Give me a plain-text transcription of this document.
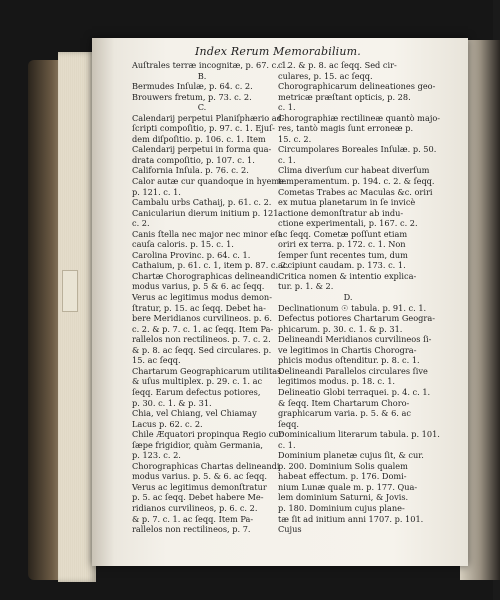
Index Rerum Memorabilium.
Auſtrales terræ incognitæ, p. 67. c. 1.
B.
Bermudes Inſulæ, p. 64. c. 2.
Brouwers fretum, p. 73. c. 2.
C.
Calendarij perpetui Planiſphærio ad-
ſcripti compoſitio, p. 97. c. 1. Ejuſ-
dem diſpoſitio. p. 106. c. 1. Item
Calendarij perpetui in forma qua-
drata compoſitio, p. 107. c. 1.
California Inſula. p. 76. c. 2.
Calor autæ cur quandoque in hyeme.
p. 121. c. 1.
Cambalu urbs Cathaij, p. 61. c. 2.
Caniculariun dierum initium p. 121.
c. 2.
Canis ſtella nec major nec minor eſt
cauſa caloris. p. 15. c. 1.
Carolina Provinc. p. 64. c. 1.
Cathaium, p. 61. c. 1, item p. 87. c. 2.
Chartæ Chorographicas delineandi
modus varius, p. 5 & 6. ac ſeqq.
Verus ac legitimus modus demon-
ſtratur, p. 15. ac ſeqq. Debet ha-
bere Meridianos curvilineos. p. 6.
c. 2. & p. 7. c. 1. ac ſeqq. Item Pa-
rallelos non rectilineos. p. 7. c. 2.
& p. 8. ac ſeqq. Sed circulares. p.
15. ac ſeqq.
Chartarum Geographicarum utilitas
& uſus multiplex. p. 29. c. 1. ac
ſeqq. Earum defectus potiores,
p. 30. c. 1. & p. 31.
Chia, vel Chiang, vel Chiamay
Lacus p. 62. c. 2.
Chile Æquatori propinqua Regio cur
ſæpe frigidior, quàm Germania,
p. 123. c. 2.
Chorographicas Chartas delineandi
modus varius. p. 5. & 6. ac ſeqq.
Verus ac legitimus demonſtratur
p. 5. ac ſeqq. Debet habere Me-
ridianos curvilineos, p. 6. c. 2.
& p. 7. c. 1. ac ſeqq. Item Pa-
rallelos non rectilineos, p. 7.
c. 2. & p. 8. ac ſeqq. Sed cir-
culares, p. 15. ac ſeqq.
Chorographicarum delineationes geo-
metricæ præſtant opticis, p. 28.
c. 1.
Chorographiæ rectilineæ quantò majo-
res, tantò magis ſunt erroneæ p.
15. c. 2.
Circumpolares Boreales Inſulæ. p. 50.
c. 1.
Clima diverſum cur habeat diverſum
temperamentum. p. 194. c. 2. & ſeqq.
Cometas Trabes ac Maculas &c. oriri
ex mutua planetarum in ſe invicè
actione demonſtratur ab indu-
ctione experimentali, p. 167. c. 2.
ac ſeqq. Cometæ poſſunt etiam
oriri ex terra. p. 172. c. 1. Non
ſemper ſunt recentes tum, dum
accipiunt caudam. p. 173. c. 1.
Critica nomen & intentio explica-
tur. p. 1. & 2.
D.
Declinationum ☉ tabula. p. 91. c. 1.
Defectus potiores Chartarum Geogra-
phicarum. p. 30. c. 1. & p. 31.
Delineandi Meridianos curvilineos ſi-
ve legitimos in Chartis Chorogra-
phicis modus oſtenditur. p. 8. c. 1.
Delineandi Parallelos circulares ſive
legitimos modus. p. 18. c. 1.
Delineatio Globi terraquei. p. 4. c. 1.
& ſeqq. Item Chartarum Choro-
graphicarum varia. p. 5. & 6. ac
ſeqq.
Dominicalium literarum tabula. p. 101.
c. 1.
Dominium planetæ cujus ſit, & cur.
p. 200. Dominium Solis qualem
habeat effectum. p. 176. Domi-
nium Lunæ quale m. p. 177. Qua-
lem dominium Saturni, & Jovis.
p. 180. Dominium cujus plane-
tæ ſit ad initium anni 1707. p. 101.
Cujus
